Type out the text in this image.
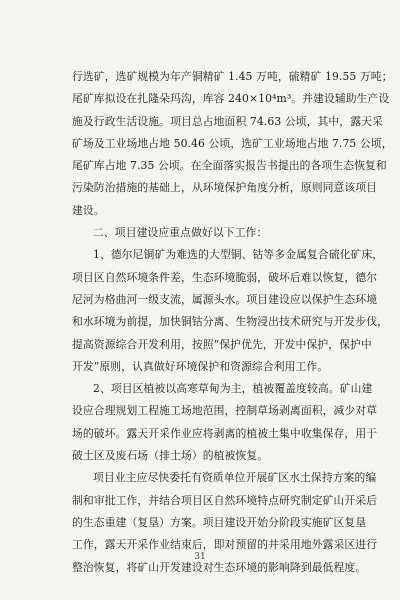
行选矿，选矿规模为年产铜精矿 1.45 万吨，硫精矿 19.55 万吨；
尾矿库拟设在扎隆朵玛沟，库容 240×10⁴m³。并建设辅助生产设
施及行政生活设施。项目总占地面积 74.63 公顷，其中，露天采
矿场及工业场地占地 50.46 公顷，选矿工业场地占地 7.75 公顷，
尾矿库占地 7.35 公顷。在全面落实报告书提出的各项生态恢复和
污染防治措施的基础上，从环境保护角度分析，原则同意该项目
建设。
二、项目建设应重点做好以下工作：
1、德尔尼铜矿为难选的大型铜、钴等多金属复合硫化矿床，
项目区自然环境条件差，生态环境脆弱，破坏后难以恢复，德尔
尼河为格曲河一级支流，属源头水。项目建设应以保护生态环境
和水环境为前提，加快铜钴分离、生物浸出技术研究与开发步伐，
提高资源综合开发利用，按照“保护优先，开发中保护，保护中
开发”原则，认真做好环境保护和资源综合利用工作。
2、项目区植被以高寒草甸为主，植被覆盖度较高。矿山建
设应合理规划工程施工场地范围，控制草场剥离面积，减少对草
场的破坏。露天开采作业应将剥离的植被土集中收集保存，用于
破土区及废石场（排土场）的植被恢复。
项目业主应尽快委托有资质单位开展矿区水土保持方案的编
制和审批工作，并结合项目区自然环境特点研究制定矿山开采后
的生态重建（复垦）方案。项目建设开始分阶段实施矿区复垦
工作，露天开采作业结束后，即对预留的井采用地外露采区进行
整治恢复，将矿山开发建设对生态环境的影响降到最低程度。
31
